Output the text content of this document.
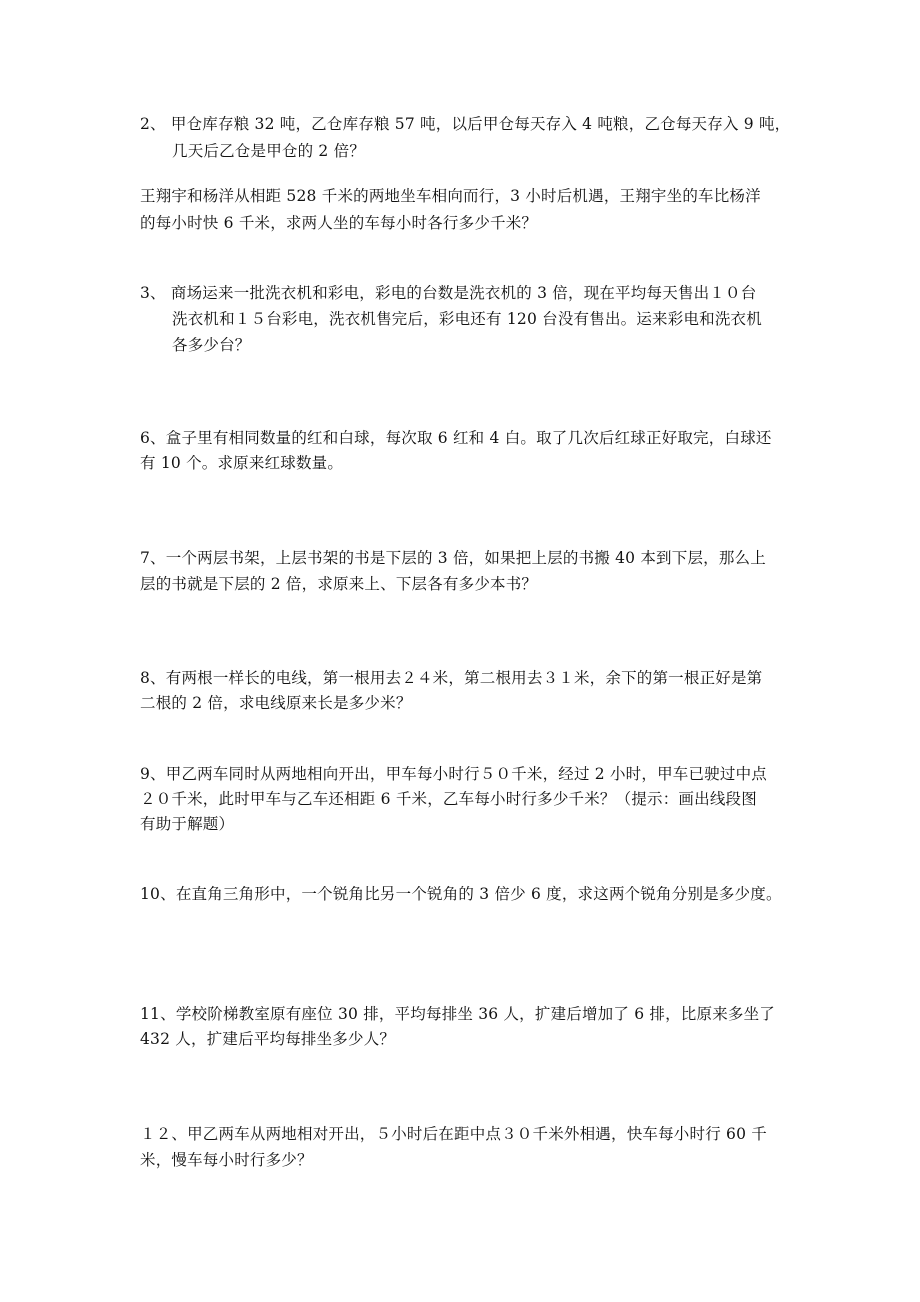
2、 甲仓库存粮 32 吨，乙仓库存粮 57 吨，以后甲仓每天存入 4 吨粮，乙仓每天存入 9 吨，
几天后乙仓是甲仓的 2 倍？
王翔宇和杨洋从相距 528 千米的两地坐车相向而行，3 小时后机遇，王翔宇坐的车比杨洋
的每小时快 6 千米，求两人坐的车每小时各行多少千米？
3、 商场运来一批洗衣机和彩电，彩电的台数是洗衣机的 3 倍，现在平均每天售出１０台
洗衣机和１５台彩电，洗衣机售完后，彩电还有 120 台没有售出。运来彩电和洗衣机
各多少台？
6、盒子里有相同数量的红和白球，每次取 6 红和 4 白。取了几次后红球正好取完，白球还
有 10 个。求原来红球数量。
7、一个两层书架，上层书架的书是下层的 3 倍，如果把上层的书搬 40 本到下层，那么上
层的书就是下层的 2 倍，求原来上、下层各有多少本书？
8、有两根一样长的电线，第一根用去２４米，第二根用去３１米，余下的第一根正好是第
二根的 2 倍，求电线原来长是多少米？
9、甲乙两车同时从两地相向开出，甲车每小时行５０千米，经过 2 小时，甲车已驶过中点
２０千米，此时甲车与乙车还相距 6 千米，乙车每小时行多少千米？（提示：画出线段图
有助于解题）
10、在直角三角形中，一个锐角比另一个锐角的 3 倍少 6 度，求这两个锐角分别是多少度。
11、学校阶梯教室原有座位 30 排，平均每排坐 36 人，扩建后增加了 6 排，比原来多坐了
432 人，扩建后平均每排坐多少人？
１２、甲乙两车从两地相对开出，５小时后在距中点３０千米外相遇，快车每小时行 60 千
米，慢车每小时行多少？
